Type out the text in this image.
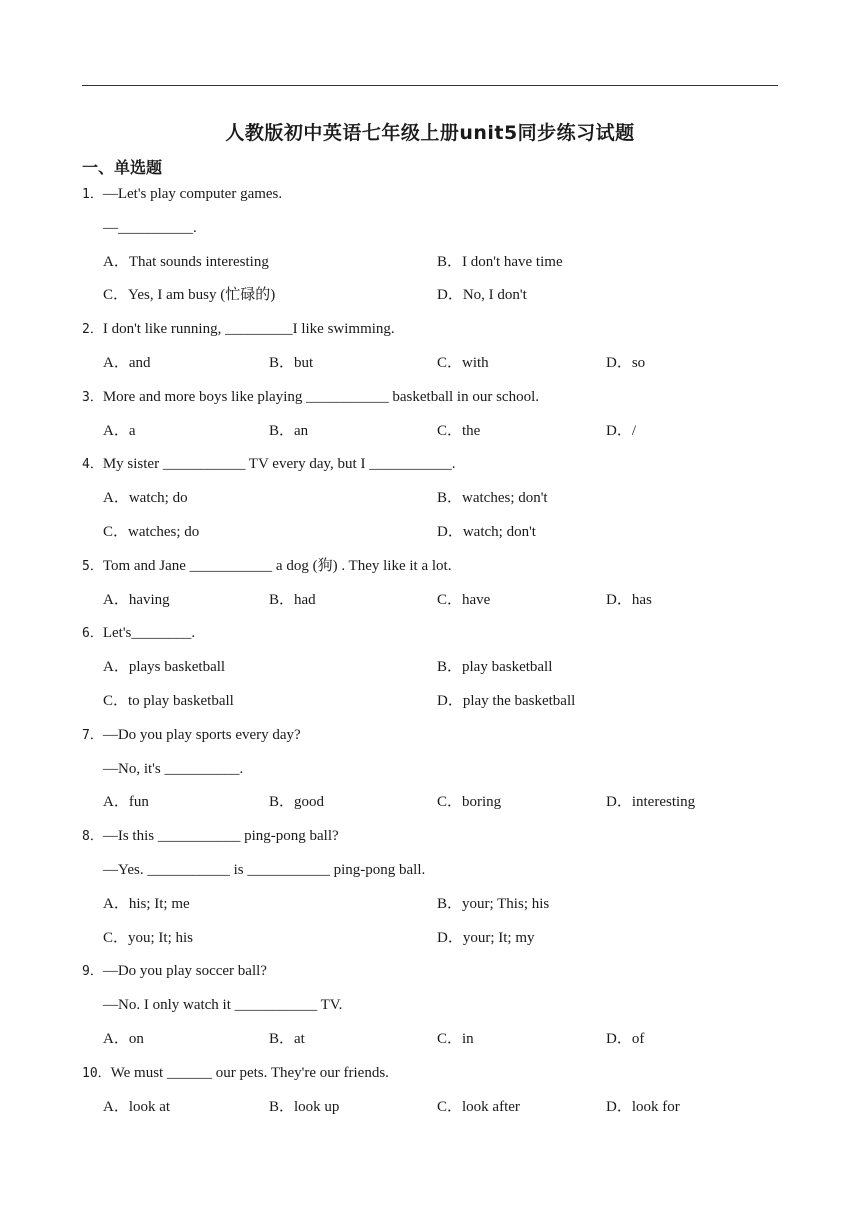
人教版初中英语七年级上册unit5同步练习试题
一、单选题
1．—Let's play computer games.
—__________.
A．That sounds interesting	B．I don't have time
C．Yes, I am busy (忙碌的)	D．No, I don't
2．I don't like running, _________I like swimming.
A．and	B．but	C．with	D．so
3．More and more boys like playing ___________ basketball in our school.
A．a	B．an	C．the	D．/
4．My sister ___________ TV every day, but I ___________.
A．watch; do	B．watches; don't
C．watches; do	D．watch; don't
5．Tom and Jane ___________ a dog (狗) . They like it a lot.
A．having	B．had	C．have	D．has
6．Let's________.
A．plays basketball	B．play basketball
C．to play basketball	D．play the basketball
7．—Do you play sports every day?
—No, it's __________.
A．fun	B．good	C．boring	D．interesting
8．—Is this ___________ ping-pong ball?
—Yes. ___________ is ___________ ping-pong ball.
A．his; It; me	B．your; This; his
C．you; It; his	D．your; It; my
9．—Do you play soccer ball?
—No. I only watch it ___________ TV.
A．on	B．at	C．in	D．of
10．We must ______ our pets. They're our friends.
A．look at	B．look up	C．look after	D．look for
